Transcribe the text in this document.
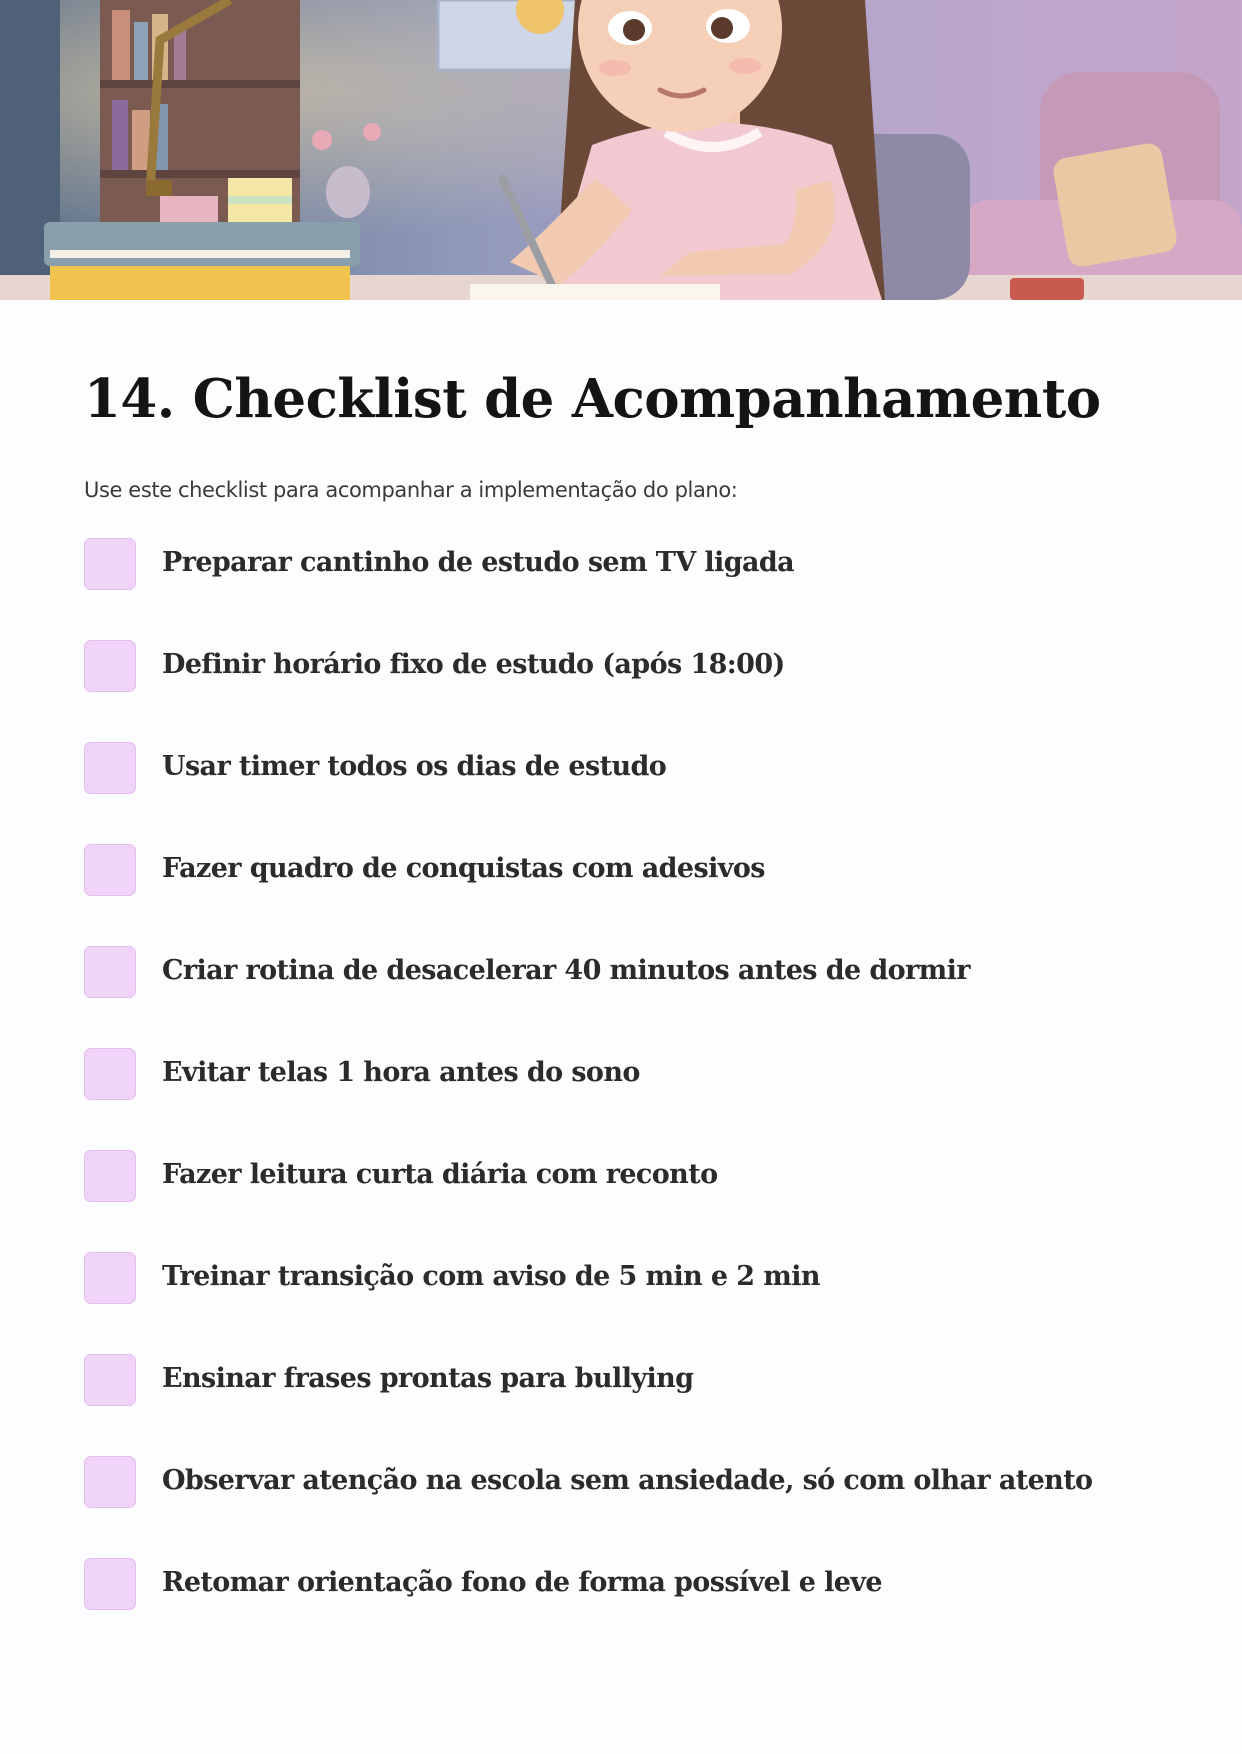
14. Checklist de Acompanhamento

Use este checklist para acompanhar a implementação do plano:

Preparar cantinho de estudo sem TV ligada
Definir horário fixo de estudo (após 18:00)
Usar timer todos os dias de estudo
Fazer quadro de conquistas com adesivos
Criar rotina de desacelerar 40 minutos antes de dormir
Evitar telas 1 hora antes do sono
Fazer leitura curta diária com reconto
Treinar transição com aviso de 5 min e 2 min
Ensinar frases prontas para bullying
Observar atenção na escola sem ansiedade, só com olhar atento
Retomar orientação fono de forma possível e leve
